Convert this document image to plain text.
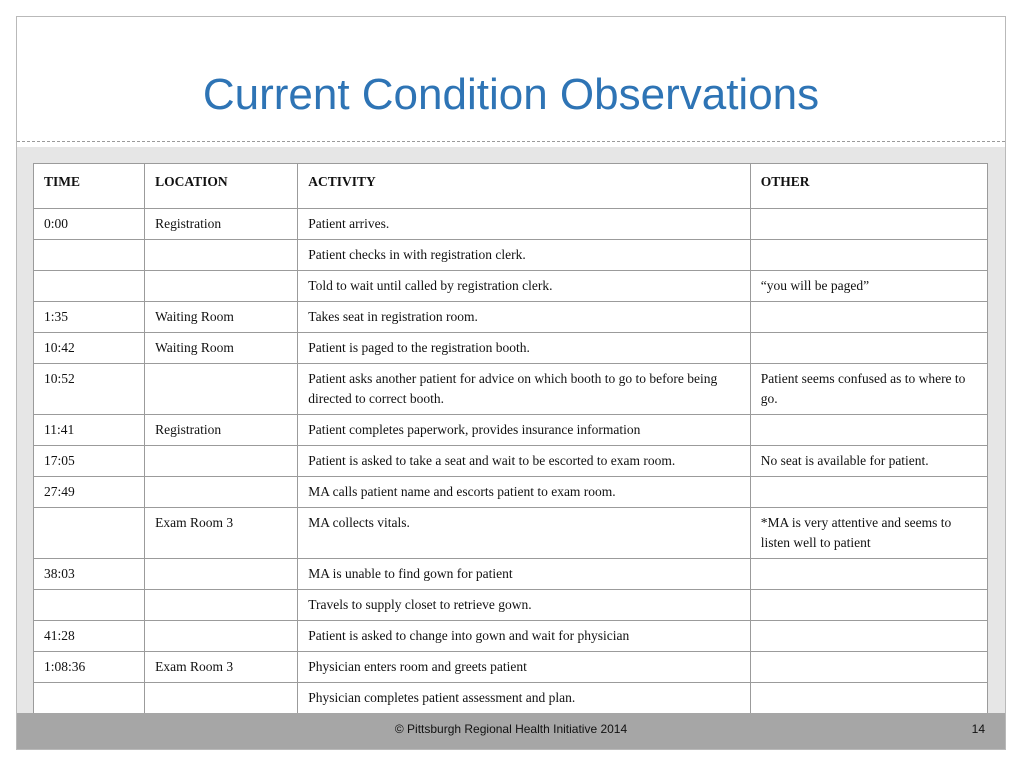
Current Condition Observations
TIME	LOCATION	ACTIVITY	OTHER
0:00	Registration	Patient arrives.	
		Patient checks in with registration clerk.	
		Told to wait until called by registration clerk.	“you will be paged”
1:35	Waiting Room	Takes seat in registration room.	
10:42	Waiting Room	Patient is paged to the registration booth.	
10:52		Patient asks another patient for advice on which booth to go to before being directed to correct booth.	Patient seems confused as to where to go.
11:41	Registration	Patient completes paperwork, provides insurance information	
17:05		Patient is asked to take a seat and wait to be escorted to exam room.	No seat is available for patient.
27:49		MA calls patient name and escorts patient to exam room.	
	Exam Room 3	MA collects vitals.	*MA is very attentive and seems to listen well to patient
38:03		MA is unable to find gown for patient	
		Travels to supply closet to retrieve gown.	
41:28		Patient is asked to change into gown and wait for physician	
1:08:36	Exam Room 3	Physician enters room and greets patient	
		Physician completes patient assessment and plan.	
© Pittsburgh Regional Health Initiative 2014	14
